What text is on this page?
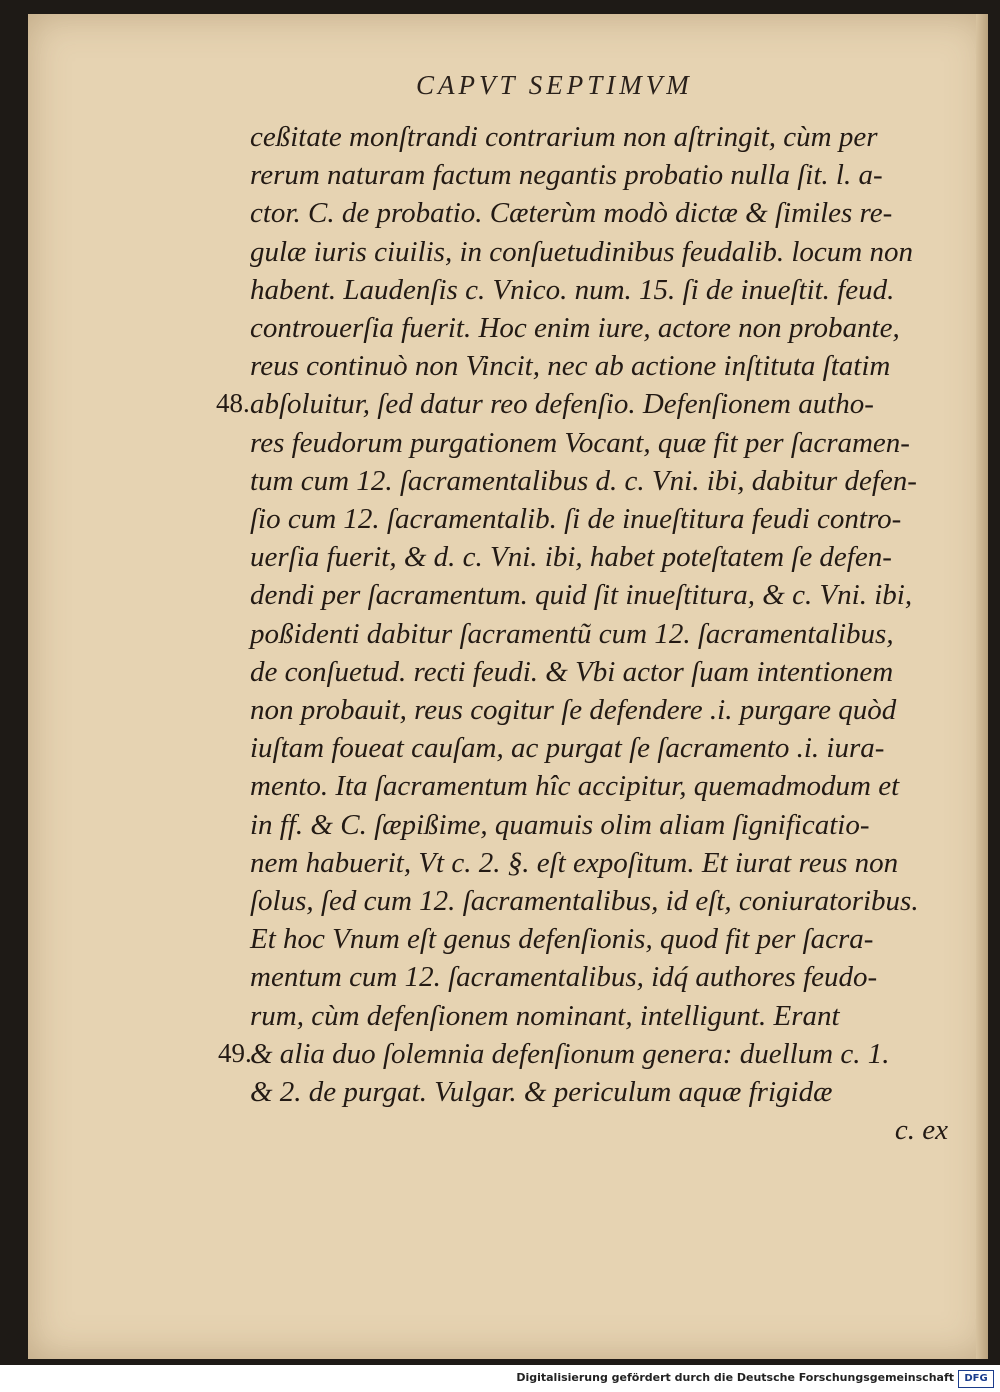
CAPVT SEPTIMVM
ceßitate monſtrandi contrarium non aſtringit, cùm per
rerum naturam factum negantis probatio nulla ſit. l. a-
ctor. C. de probatio. Cæterùm modò dictæ & ſimiles re-
gulæ iuris ciuilis, in conſuetudinibus feudalib. locum non
habent. Laudenſis c. Vnico. num. 15. ſi de inueſtit. feud.
controuerſia fuerit. Hoc enim iure, actore non probante,
reus continuò non Vincit, nec ab actione inſtituta ſtatim
abſoluitur, ſed datur reo defenſio. Defenſionem autho-
res feudorum purgationem Vocant, quæ fit per ſacramen-
tum cum 12. ſacramentalibus d. c. Vni. ibi, dabitur defen-
ſio cum 12. ſacramentalib. ſi de inueſtitura feudi contro-
uerſia fuerit, & d. c. Vni. ibi, habet poteſtatem ſe defen-
dendi per ſacramentum. quid ſit inueſtitura, & c. Vni. ibi,
poßidenti dabitur ſacramentũ cum 12. ſacramentalibus,
de conſuetud. recti feudi. & Vbi actor ſuam intentionem
non probauit, reus cogitur ſe defendere .i. purgare quòd
iuſtam foueat cauſam, ac purgat ſe ſacramento .i. iura-
mento. Ita ſacramentum hîc accipitur, quemadmodum et
in ff. & C. ſæpißime, quamuis olim aliam ſignificatio-
nem habuerit, Vt c. 2. §. eſt expoſitum. Et iurat reus non
ſolus, ſed cum 12. ſacramentalibus, id eſt, coniuratoribus.
Et hoc Vnum eſt genus defenſionis, quod fit per ſacra-
mentum cum 12. ſacramentalibus, idq́ authores feudo-
rum, cùm defenſionem nominant, intelligunt. Erant
& alia duo ſolemnia defenſionum genera: duellum c. 1.
& 2. de purgat. Vulgar. & periculum aquæ frigidæ
c. ex
48.
49.
Digitalisierung gefördert durch die Deutsche Forschungsgemeinschaft	DFG
